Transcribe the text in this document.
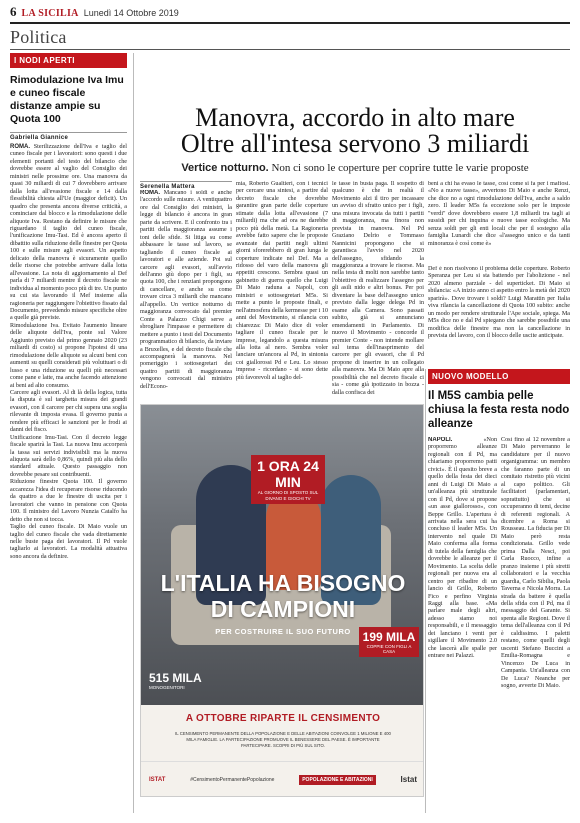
6 LA SICILIA Lunedì 14 Ottobre 2019
Politica
I NODI APERTI
Rimodulazione Iva Imu e cuneo fiscale distanze ampie su Quota 100
Gabriella Giannice

ROMA. Sterilizzazione dell'Iva e taglio del cuneo fiscale per i lavoratori: sono questi i due elementi portanti del testo del bilancio che dovrebbe essere al vaglio del Consiglio dei ministri nelle prossime ore. Una manovra da quasi 30 miliardi di cui 7 dovrebbero arrivare dalla lotta all'evasione fiscale e 14 dalla flessibilità chiesta all'Ue (maggior deficit). Un quadro che presenta ancora diverse criticità, a cominciare dal blocco e la rimodulazione delle aliquote Iva. Restano da definire le misure che riguardano il taglio del cuneo fiscale, l'unificazione Imu-Tasi. Ed è ancora aperto il dibattito sulla riduzione delle finestre per Quota 100 e sulle misure agli evasori. Un aspetto delicato della manovra è sicuramente quello delle risorse che potrebbe arrivare dalla lotta all'evasione. La nota di aggiornamento al Def parla di 7 miliardi mentre il decreto fiscale ne individua al momento poco più di tre. Un punto su cui sta lavorando il Mef insieme alla ragioneria per raggiungere l'obiettivo fissato dal Documento, prevedendo misure specifiche oltre a quelle già previste.

Rimodulazione Iva. Evitato l'aumento lineare delle aliquote dell'Iva, ponte sul Valore Aggiunto previsto dal primo gennaio 2020 (23 miliardi di costo) si propone l'ipotesi di una rimodulazione delle aliquote su alcuni beni con aumenti su quelli considerati più voluttuari o di lusso e una riduzione su quelli più necessari come pane e latte, ma anche facendo attenzione ai beni ad alto consumo.

Carcere agli evasori. Al di là della logica, tutta la disputa è sul targhetta misura dei grandi evasori, con il carcere per chi supera una soglia rilevante di imposta evasa. Il governo punta a rendere più efficaci le sanzioni per le frodi ai danni del fisco.

Unificazione Imu-Tasi. Con il decreto legge fiscale sparirà la Tasi. La nuova Imu accorperà la tassa sui servizi indivisibili ma la nuova aliquota sarà dello 0,86%, quindi più alta dello standard attuale. Questo passaggio non dovrebbe pesare sui contribuenti.

Riduzione finestre Quota 100. Il governo accarezza l'idea di recuperare risorse riducendo da quattro a due le finestre di uscita per i lavoratori che vanno in pensione con Quota 100. Il ministro del Lavoro Nunzia Catalfo ha detto che non si tocca.

Taglio del cuneo fiscale. Di Maio vuole un taglio del cuneo fiscale che vada direttamente nelle buste paga dei lavoratori. Il Pd vuole tagliarlo ai lavoratori. La modalità attuativa sono ancora da definire.

Manovra, accordo in alto mare
Oltre all'intesa servono 3 miliardi
Vertice notturno. Non ci sono le coperture per coprire tutte le varie proposte
Serenella Mattera
ROMA. Mancano i soldi e anche l'accordo sulle misure. A ventiquattro ore dal Consiglio dei ministri, la legge di bilancio è ancora in gran parte da scrivere. E il confronto tra i partiti della maggioranza assume i toni delle sfide. Si litiga su come abbassare le tasse sul lavoro, se tagliando il cuneo fiscale ai lavoratori e alle aziende. Poi sul carcere agli evasori, sull'avvio dell'anno giù dopo per i figli, su quota 100, che i renziani propongono di cancellare, e anche su come trovare circa 3 miliardi che mancano all'appello. Un vertice notturno di maggioranza convocato dal premier Conte a Palazzo Chigi serve a sbrogliare l'impasse e permettere di mettere a punto i testi del Documento programmatico di bilancio, da inviare a Bruxelles, e del decreto fiscale che accompagnerà la manovra. Nel pomeriggio i sottosegretari dei quattro partiti di maggioranza vengono convocati dal ministro dell'Econo-
mia, Roberto Gualtieri, con i tecnici per cercare una sintesi, a partire dal decreto fiscale che dovrebbe garantire gran parte delle coperture stimate dalla lotta all'evasione (7 miliardi) ma che ad ora ne darebbe poco più della metà. La Ragioneria avrebbe fatto sapere che le proposte avanzate dai partiti negli ultimi giorni sforerebbero di gran lunga le coperture indicate nel Def. Ma a ridosso del varo della manovra gli appetiti crescono. Sembra quasi un gabinetto di guerra quello che Luigi Di Maio raduna a Napoli, con ministri e sottosegretari M5s. Si mette a punto le proposte finali, e nell'atmosfera della kermesse per i 10 anni del Movimento, si rilancia con chiarezza: Di Maio dice di voler tagliare il cuneo fiscale per le imprese, legandolo a questa misura alla lotta al nero. Sembra voler lanciare un'ancora al Pd, in sintonia coi giallorossi Pd e Leu. Lo stesso imprese - ricordano - si sono dette più favorevoli al taglio del-
le tasse in busta paga. Il sospetto di qualcuno è che in realtà il Movimento alzi il tiro per incassare un avviso di sfratto unico per i figli, una misura invocata da tutti i partiti di maggioranza, ma finora non prevista in manovra. Nel Pd Graziano Delrio e Tommaso Nannicini propongono che si garantisca l'avvio nel 2020 dell'assegno, sfidando la maggioranza a trovare le risorse. Ma nella testa di molti non sarebbe tanto l'obiettivo di realizzare l'assegno per gli asili nido e altri bonus. Per poi diventare la base dell'assegno unico previsto dalla legge delega Pd in esame alla Camera. Sono passati subito, già si annunciano emendamenti in Parlamento. Di nuovo il Movimento - concorde il premier Conte - non intende mollare sul tema dell'inasprimento del carcere per gli evasori, che il Pd propone di inserire in un collegato alla manovra. Ma Di Maio apre alla possibilità che nel decreto fiscale ci sia - come già ipotizzato in bozza - dalla confisca dei
beni a chi ha evaso le tasse, così come si fa per i mafiosi. «No a nuove tasse», avvertono Di Maio e anche Renzi, che dice no a ogni rimodulazione dell'Iva, anche a saldo zero. Il leader M5s fa eccezione solo per le imposte "verdi" dove dovrebbero essere 1,8 miliardi tra tagli ai sussidi per chi inquina e nuove tasse ecologiche. Ma senza soldi per gli enti locali che per il sostegno alla famiglia Lunardi che dice «l'assegno unico e da tanti minoranza è così come è»
Def è non risolvono il problema delle coperture. Roberto Speranza per Leu si sta battendo per l'abolizione - nel 2020 almeno parziale - del superticket. Di Maio si sbilancia: «A inizio anno ci aspetto entro la metà del 2020 sparirà». Dove trovare i soldi? Luigi Marattin per Italia viva rilancia la cancellazione di Quota 100 subito: anche un modo per rendere strutturale l'Ape sociale, spiega. Ma M5s dice no e dal Pd spiegano che sarebbe possibile una modifica delle finestre ma non la cancellazione in prevista del lavoro, con il blocco delle uscite anticipate.
1 ORA 24 MIN
AL GIORNO DI SPOSTO SUL DIVANO E GIOCHI TV
L'ITALIA HA BISOGNO
DI CAMPIONI
PER COSTRUIRE IL SUO FUTURO 199 MILA
COPPIE CON FIGLI A CASA
515 MILA
MONOGENITORI
A OTTOBRE RIPARTE IL CENSIMENTO
IL CENSIMENTO PERMANENTE DELLA POPOLAZIONE E DELLE ABITAZIONI COINVOLGE 1 MILIONE E 400 MILA FAMIGLIE. LA PARTECIPAZIONE PROMUOVE IL BENESSERE DEL PAESE. È IMPORTANTE PARTECIPARE. SCOPRI DI PIÙ SUL SITO.
ISTAT	#CensimentoPermanentePopolazione	POPOLAZIONE E ABITAZIONI	Istat
NUOVO MODELLO
Il M5S cambia pelle chiusa la festa resta nodo alleanze
NAPOLI.	«Non proporremo alleanze regionali con il Pd, ma chiariamo proporremo patti civici». È il quesito breve a quello della festa dei dieci anni di Luigi Di Maio a un'alleanza più strutturale con il Pd, dove si propone «un asse giallorosso», con Beppe Grillo. L'apertura è arrivata nella sera cui ha concluso il leader M5s. Un intervento nel quale Di Maio conferma alla forma di tutela della famiglia che dovrebbe le alleanze per il Movimento. La scelta delle regionali per nuova era al centro per ribadire di un lancio di Grillo, Roberto Fico e perfino Virginia Raggi alla base. «Ma parlare male degli altri, adesso siamo noi responsabili, e il messaggio dei lanciano i venti per sigillare il Movimento 2.0 che lascerà alle spalle per entrare nei Palazzi.
Così fino al 12 novembre a Di Maio perverranno le candidature per il nuovo organigramma: un membro che faranno parte di un comitato ristretto più vicini al capo politico. Gli facilitatori (parlamentari, soprattutto) che si occuperanno di temi, decine di referenti regionali. A dicembre a Roma si Rousseau. La fiducia per Di Maio però resta condizionata. Grillo vede prima Dalla Nesci, poi Carla Ruocco, infine a pranzo insieme i più stretti collaboratori e la vecchia guardia, Carlo Sibilia, Paola Taverna e Nicola Morra. La strada da battere è quella della sfida con il Pd, ma il messaggio del Garante. Si spenta alle Regioni. Dove il tema dell'alleanza con il Pd è caldissimo. I paletti restano, come quelli degli uscenti Stefano Buccini a Emilia-Romagna e Vincenzo De Luca in Campania. Un'alleanza con De Luca? Neanche per sogno, avverte Di Maio.
